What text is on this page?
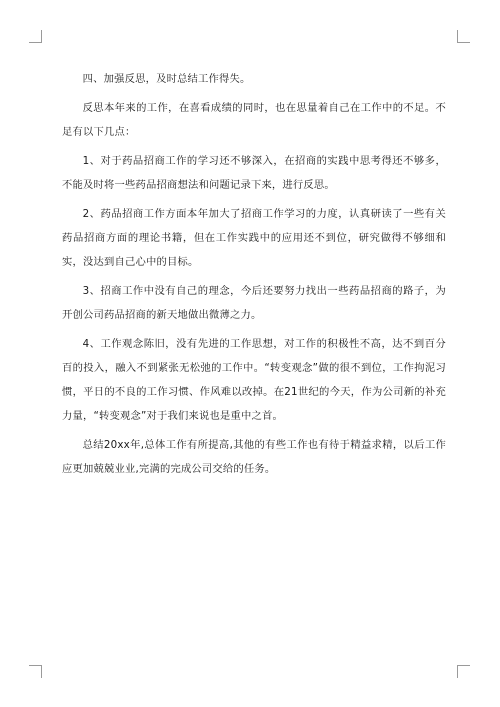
四、加强反思，及时总结工作得失。

反思本年来的工作，在喜看成绩的同时，也在思量着自己在工作中的不足。不足有以下几点：

1、对于药品招商工作的学习还不够深入，在招商的实践中思考得还不够多，不能及时将一些药品招商想法和问题记录下来，进行反思。

2、药品招商工作方面本年加大了招商工作学习的力度，认真研读了一些有关药品招商方面的理论书籍，但在工作实践中的应用还不到位，研究做得不够细和实，没达到自己心中的目标。

3、招商工作中没有自己的理念，今后还要努力找出一些药品招商的路子，为开创公司药品招商的新天地做出微薄之力。

4、工作观念陈旧，没有先进的工作思想，对工作的积极性不高，达不到百分百的投入，融入不到紧张无松弛的工作中。“转变观念”做的很不到位，工作拘泥习惯，平日的不良的工作习惯、作风难以改掉。在21世纪的今天，作为公司新的补充力量，“转变观念”对于我们来说也是重中之首。

总结20xx年,总体工作有所提高,其他的有些工作也有待于精益求精，以后工作应更加兢兢业业,完满的完成公司交给的任务。
